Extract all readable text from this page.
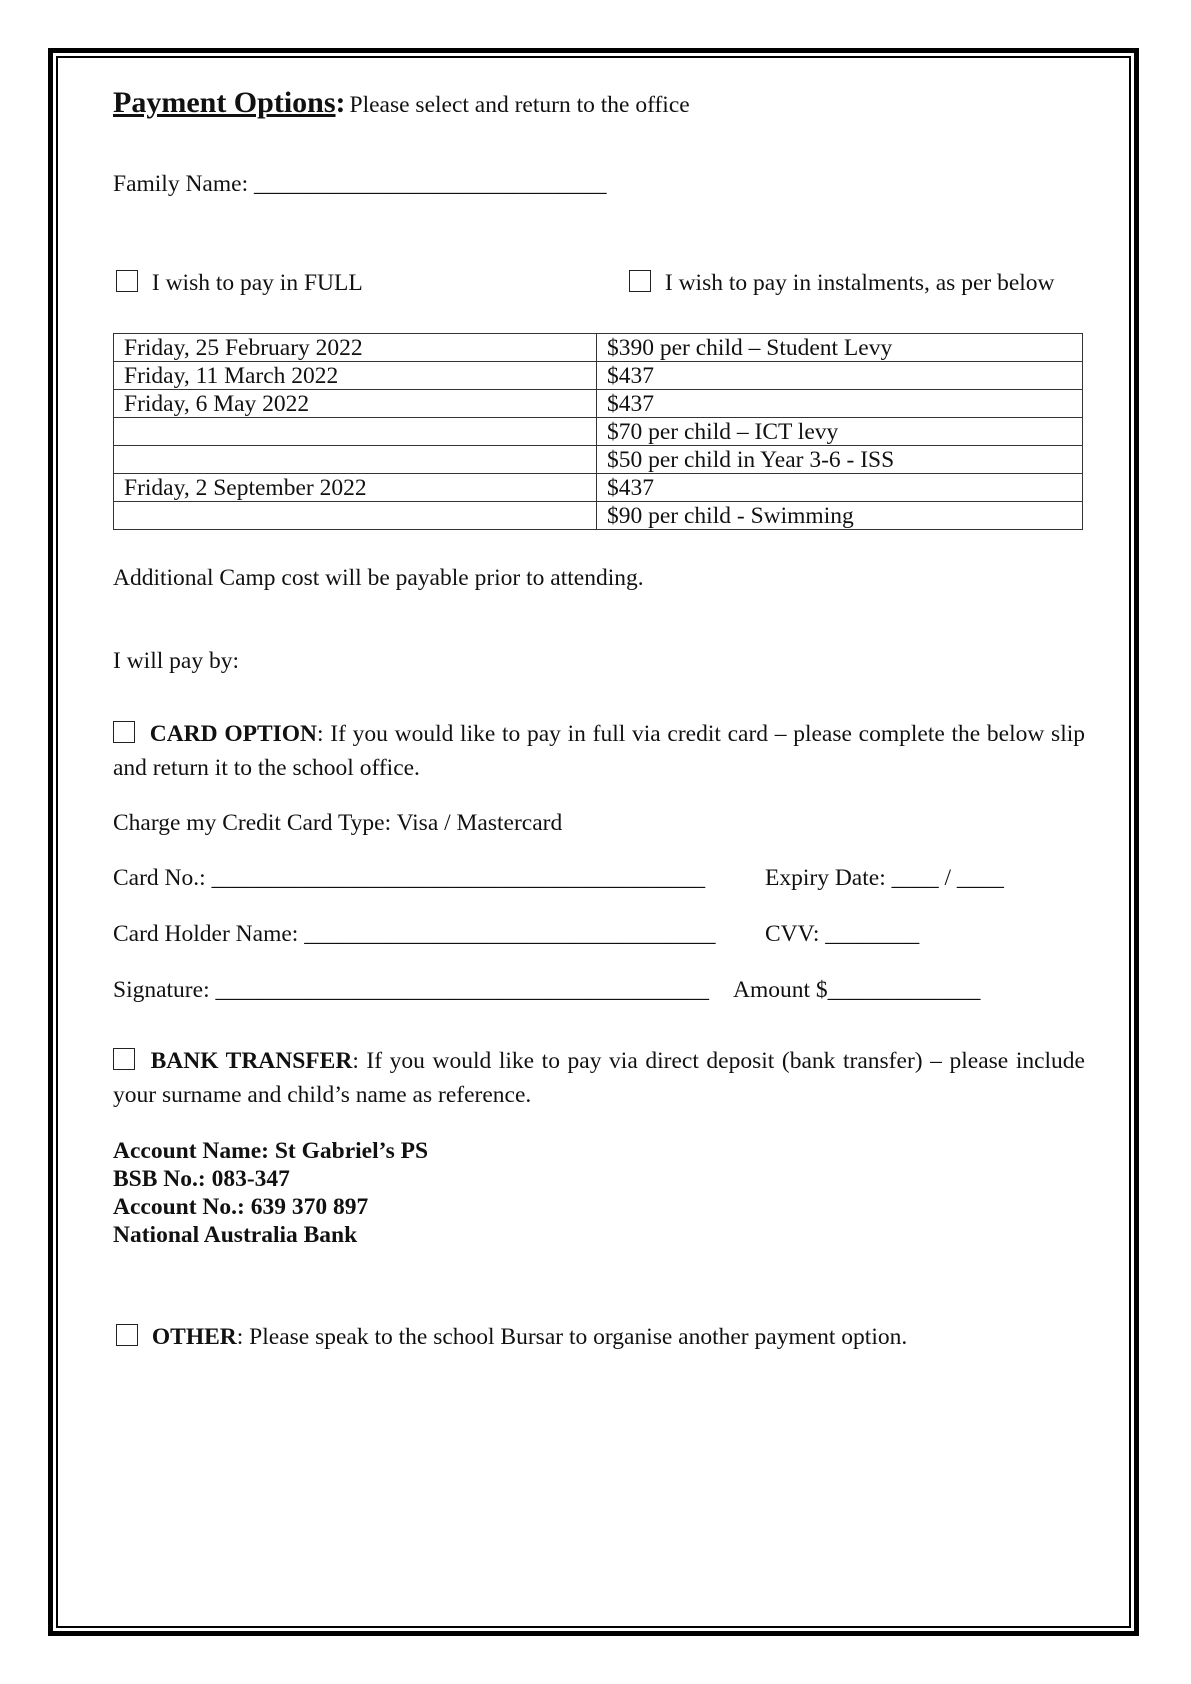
Payment Options: Please select and return to the office
Family Name: ______________________________
I wish to pay in FULL	I wish to pay in instalments, as per below
Friday, 25 February 2022	$390 per child – Student Levy
Friday, 11 March 2022	$437
Friday, 6 May 2022	$437
	$70 per child – ICT levy
	$50 per child in Year 3-6 - ISS
Friday, 2 September 2022	$437
	$90 per child - Swimming
Additional Camp cost will be payable prior to attending.
I will pay by:
CARD OPTION: If you would like to pay in full via credit card – please complete the below slip and return it to the school office.
Charge my Credit Card Type: Visa / Mastercard
Card No.: __________________________________________	Expiry Date: ____ / ____
Card Holder Name: ___________________________________ CVV: ________
Signature: __________________________________________ Amount $_____________
BANK TRANSFER: If you would like to pay via direct deposit (bank transfer) – please include your surname and child’s name as reference.
Account Name: St Gabriel’s PS
BSB No.: 083-347
Account No.: 639 370 897
National Australia Bank
OTHER: Please speak to the school Bursar to organise another payment option.
